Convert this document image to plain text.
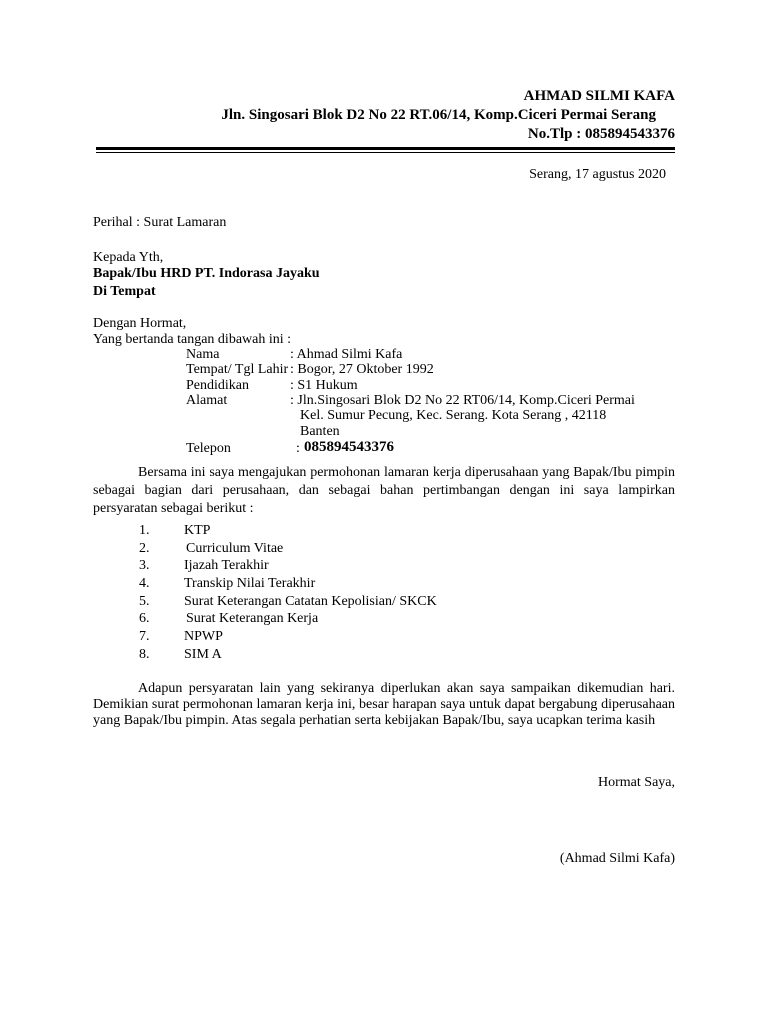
AHMAD SILMI KAFA
Jln. Singosari Blok D2 No 22 RT.06/14, Komp.Ciceri Permai Serang
No.Tlp : 085894543376
Serang, 17 agustus 2020
Perihal : Surat Lamaran
Kepada Yth,
Bapak/Ibu HRD PT. Indorasa Jayaku
Di Tempat
Dengan Hormat,
Yang bertanda tangan dibawah ini :
Nama	: Ahmad Silmi Kafa
Tempat/ Tgl Lahir : Bogor, 27 Oktober 1992
Pendidikan	: S1 Hukum
Alamat	: Jln.Singosari Blok D2 No 22 RT06/14, Komp.Ciceri Permai
Kel. Sumur Pecung, Kec. Serang. Kota Serang , 42118
Banten
Telepon	: 085894543376
Bersama ini saya mengajukan permohonan lamaran kerja diperusahaan yang Bapak/Ibu pimpin sebagai bagian dari perusahaan, dan sebagai bahan pertimbangan dengan ini saya lampirkan persyaratan sebagai berikut :
1.	KTP
2.	Curriculum Vitae
3.	Ijazah Terakhir
4.	Transkip Nilai Terakhir
5.	Surat Keterangan Catatan Kepolisian/ SKCK
6.	Surat Keterangan Kerja
7.	NPWP
8.	SIM A
Adapun persyaratan lain yang sekiranya diperlukan akan saya sampaikan dikemudian hari. Demikian surat permohonan lamaran kerja ini, besar harapan saya untuk dapat bergabung diperusahaan yang Bapak/Ibu pimpin. Atas segala perhatian serta kebijakan Bapak/Ibu, saya ucapkan terima kasih
Hormat Saya,
(Ahmad Silmi Kafa)
